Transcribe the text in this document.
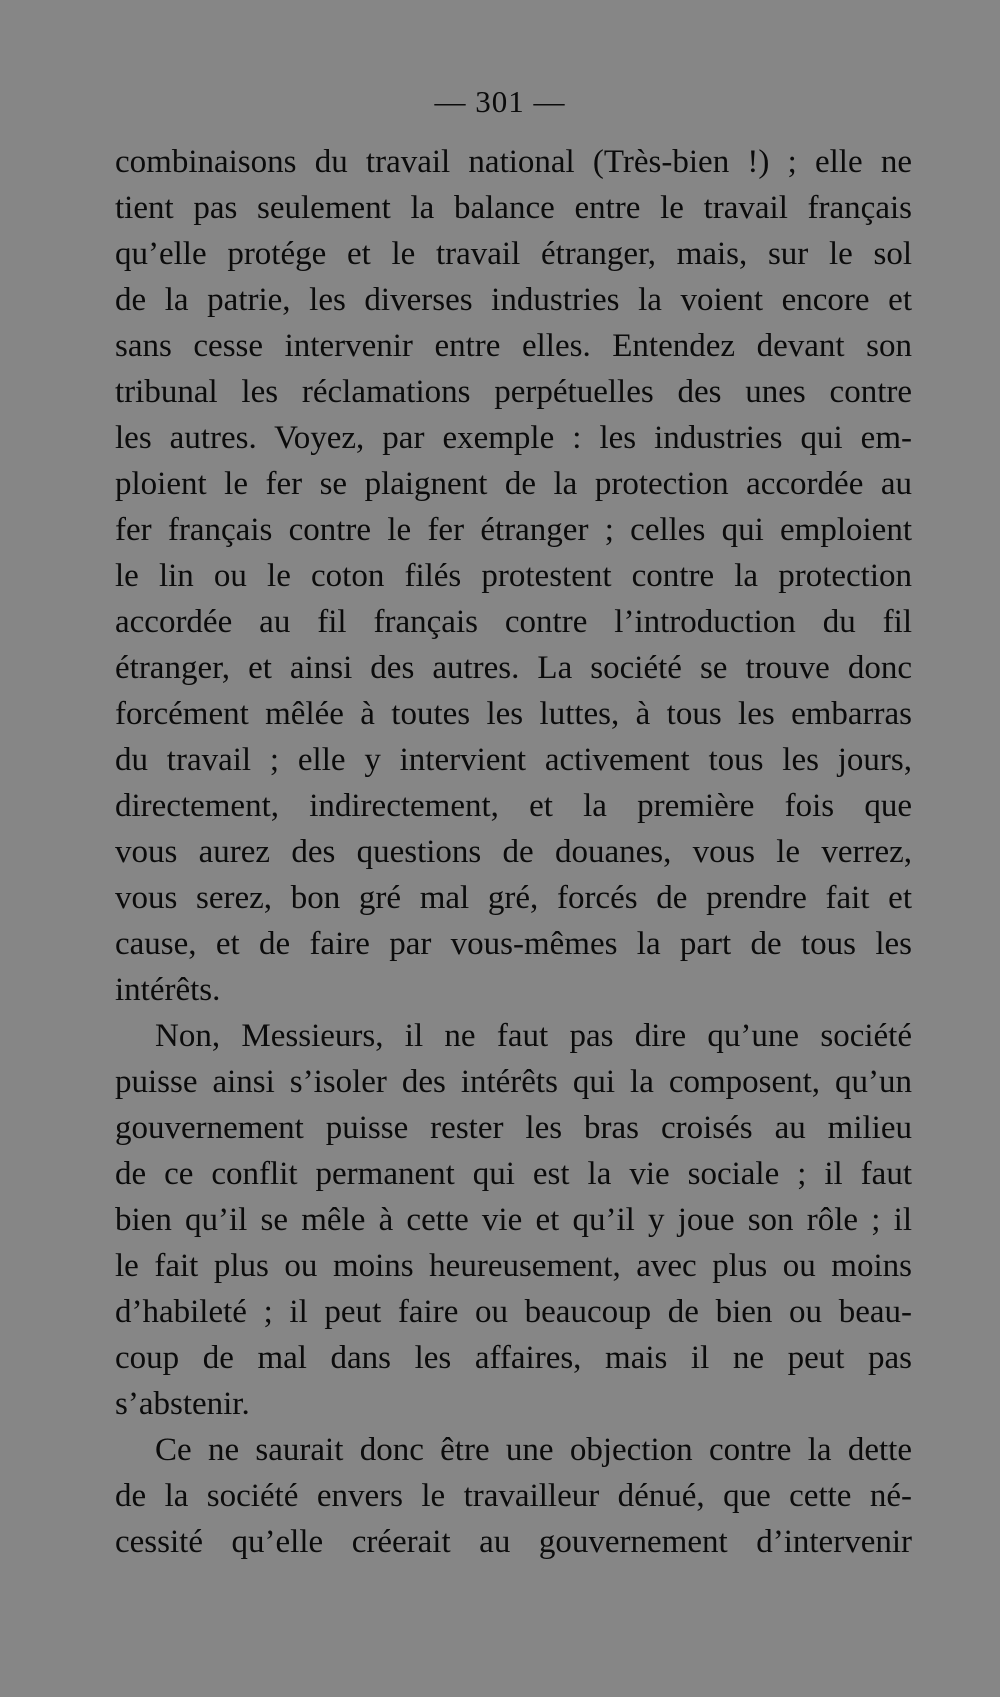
— 301 —
combinaisons du travail national (Très-bien !) ; elle ne
tient pas seulement la balance entre le travail français
qu’elle protége et le travail étranger, mais, sur le sol
de la patrie, les diverses industries la voient encore et
sans cesse intervenir entre elles. Entendez devant son
tribunal les réclamations perpétuelles des unes contre
les autres. Voyez, par exemple : les industries qui em-
ploient le fer se plaignent de la protection accordée au
fer français contre le fer étranger ; celles qui emploient
le lin ou le coton filés protestent contre la protection
accordée au fil français contre l’introduction du fil
étranger, et ainsi des autres. La société se trouve donc
forcément mêlée à toutes les luttes, à tous les embarras
du travail ; elle y intervient activement tous les jours,
directement, indirectement, et la première fois que
vous aurez des questions de douanes, vous le verrez,
vous serez, bon gré mal gré, forcés de prendre fait et
cause, et de faire par vous-mêmes la part de tous les
intérêts.
Non, Messieurs, il ne faut pas dire qu’une société
puisse ainsi s’isoler des intérêts qui la composent, qu’un
gouvernement puisse rester les bras croisés au milieu
de ce conflit permanent qui est la vie sociale ; il faut
bien qu’il se mêle à cette vie et qu’il y joue son rôle ; il
le fait plus ou moins heureusement, avec plus ou moins
d’habileté ; il peut faire ou beaucoup de bien ou beau-
coup de mal dans les affaires, mais il ne peut pas
s’abstenir.
Ce ne saurait donc être une objection contre la dette
de la société envers le travailleur dénué, que cette né-
cessité qu’elle créerait au gouvernement d’intervenir
